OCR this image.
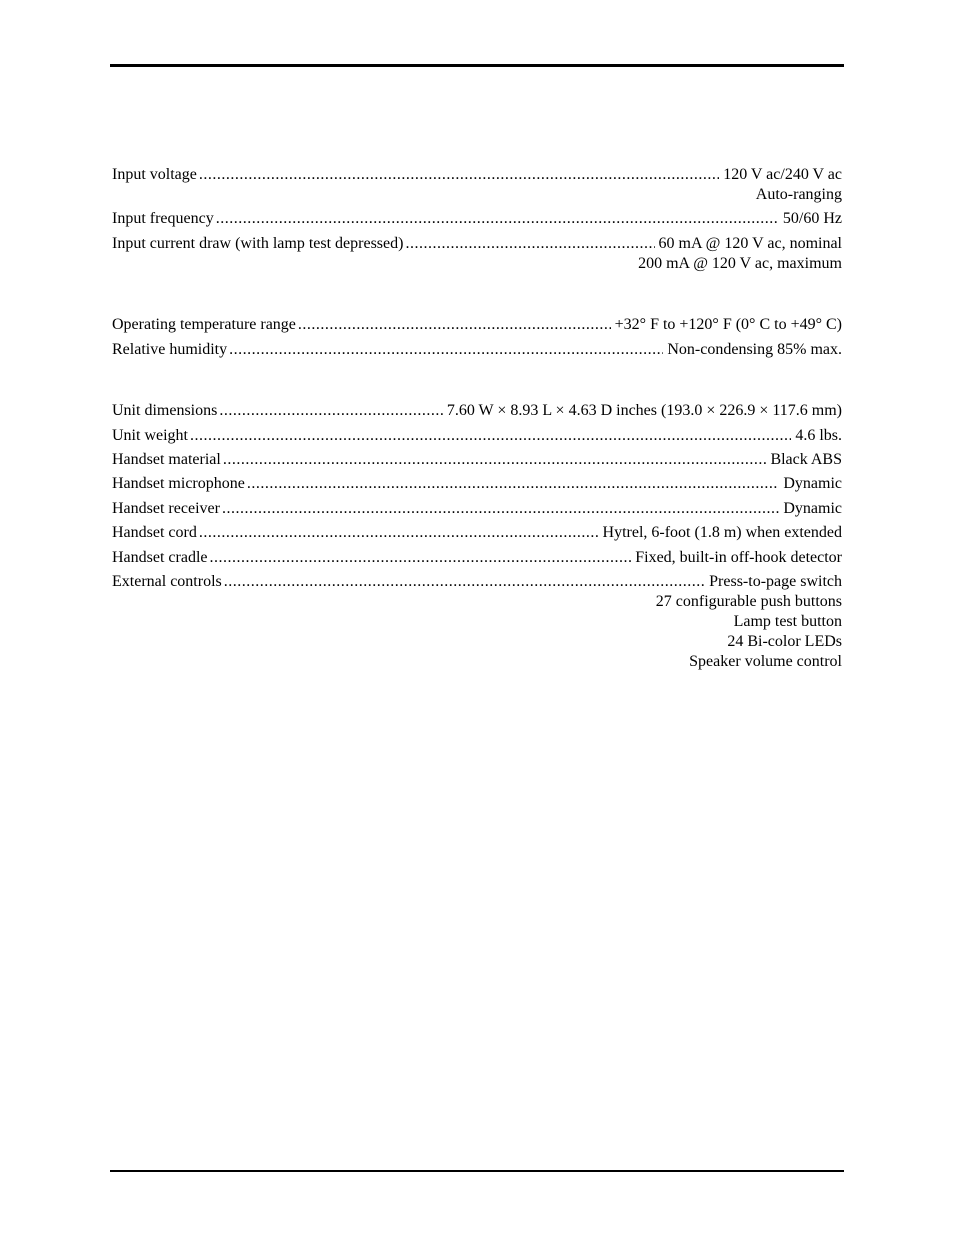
Input voltage .....	120 V ac/240 V ac
Auto-ranging
Input frequency .....	50/60 Hz
Input current draw (with lamp test depressed) .....	60 mA @ 120 V ac, nominal
200 mA @ 120 V ac, maximum
Operating temperature range .....	+32° F to +120° F (0° C to +49° C)
Relative humidity .....	Non-condensing 85% max.
Unit dimensions .....	7.60 W × 8.93 L × 4.63 D inches (193.0 × 226.9 × 117.6 mm)
Unit weight .....	4.6 lbs.
Handset material .....	Black ABS
Handset microphone .....	Dynamic
Handset receiver .....	Dynamic
Handset cord .....	Hytrel, 6-foot (1.8 m) when extended
Handset cradle .....	Fixed, built-in off-hook detector
External controls .....	Press-to-page switch
27 configurable push buttons
Lamp test button
24 Bi-color LEDs
Speaker volume control
